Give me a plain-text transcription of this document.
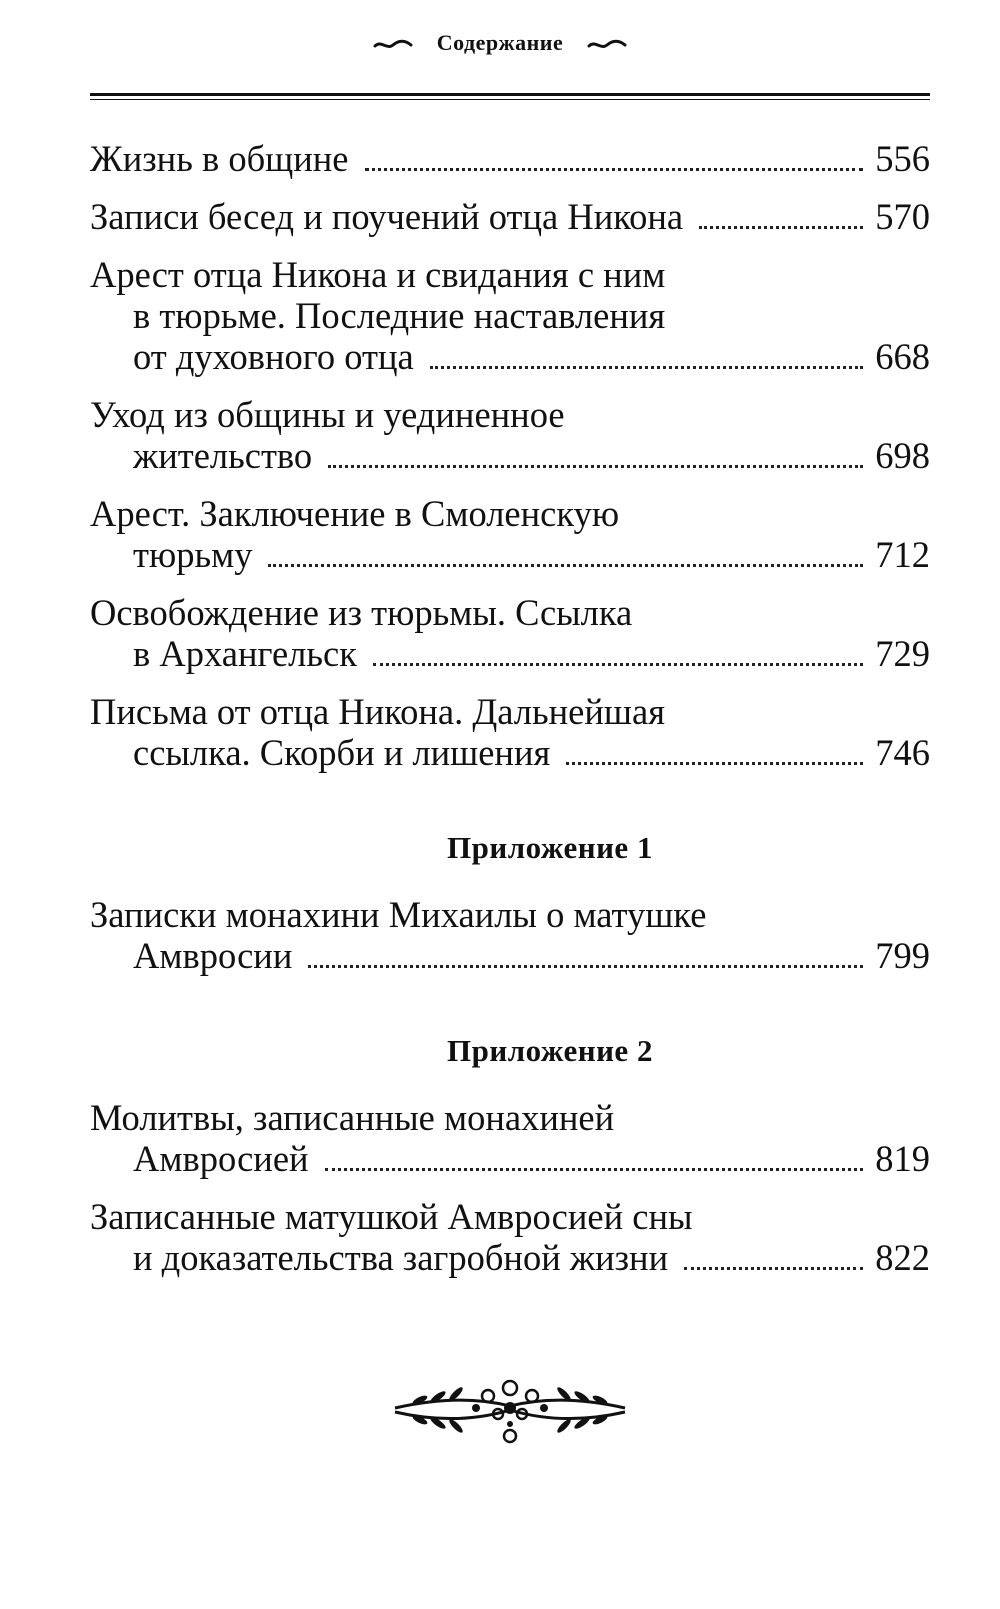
Содержание
Жизнь в общине	556
Записи бесед и поучений отца Никона	570
Арест отца Никона и свидания с ним
в тюрьме. Последние наставления
от духовного отца	668
Уход из общины и уединенное
жительство	698
Арест. Заключение в Смоленскую
тюрьму	712
Освобождение из тюрьмы. Ссылка
в Архангельск	729
Письма от отца Никона. Дальнейшая
ссылка. Скорби и лишения	746
Приложение 1
Записки монахини Михаилы о матушке
Амвросии	799
Приложение 2
Молитвы, записанные монахиней
Амвросией	819
Записанные матушкой Амвросией сны
и доказательства загробной жизни	822
